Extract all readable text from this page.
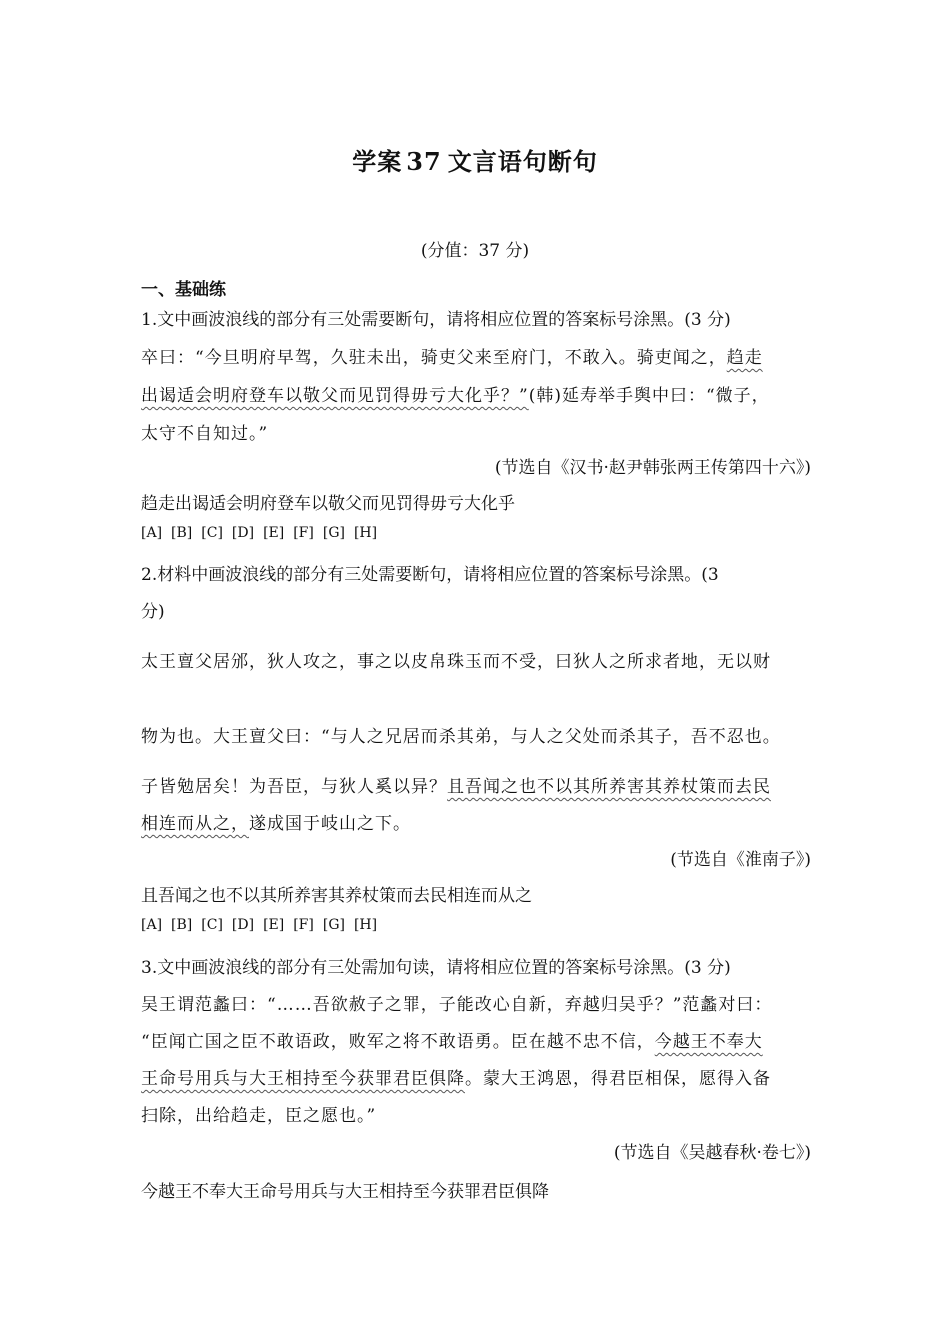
学案 37 文言语句断句
(分值：37 分)
一、基础练
1.文中画波浪线的部分有三处需要断句，请将相应位置的答案标号涂黑。(3 分)
卒曰：“今旦明府早驾，久驻未出，骑吏父来至府门，不敢入。骑吏闻之，趋走
出谒适会明府登车以敬父而见罚得毋亏大化乎？”(韩)延寿举手舆中曰：“微子，
太守不自知过。”
(节选自《汉书·赵尹韩张两王传第四十六》)
趋走出谒适会明府登车以敬父而见罚得毋亏大化乎
[A] [B] [C] [D] [E] [F] [G] [H]
2.材料中画波浪线的部分有三处需要断句，请将相应位置的答案标号涂黑。(3
分)
太王亶父居邠，狄人攻之，事之以皮帛珠玉而不受，曰狄人之所求者地，无以财
物为也。大王亶父曰：“与人之兄居而杀其弟，与人之父处而杀其子，吾不忍也。
子皆勉居矣！为吾臣，与狄人奚以异？且吾闻之也不以其所养害其养杖策而去民
相连而从之，遂成国于岐山之下。
(节选自《淮南子》)
且吾闻之也不以其所养害其养杖策而去民相连而从之
[A] [B] [C] [D] [E] [F] [G] [H]
3.文中画波浪线的部分有三处需加句读，请将相应位置的答案标号涂黑。(3 分)
吴王谓范蠡曰：“……吾欲赦子之罪，子能改心自新，弃越归吴乎？”范蠡对曰：
“臣闻亡国之臣不敢语政，败军之将不敢语勇。臣在越不忠不信，今越王不奉大
王命号用兵与大王相持至今获罪君臣俱降。蒙大王鸿恩，得君臣相保，愿得入备
扫除，出给趋走，臣之愿也。”
(节选自《吴越春秋·卷七》)
今越王不奉大王命号用兵与大王相持至今获罪君臣俱降
